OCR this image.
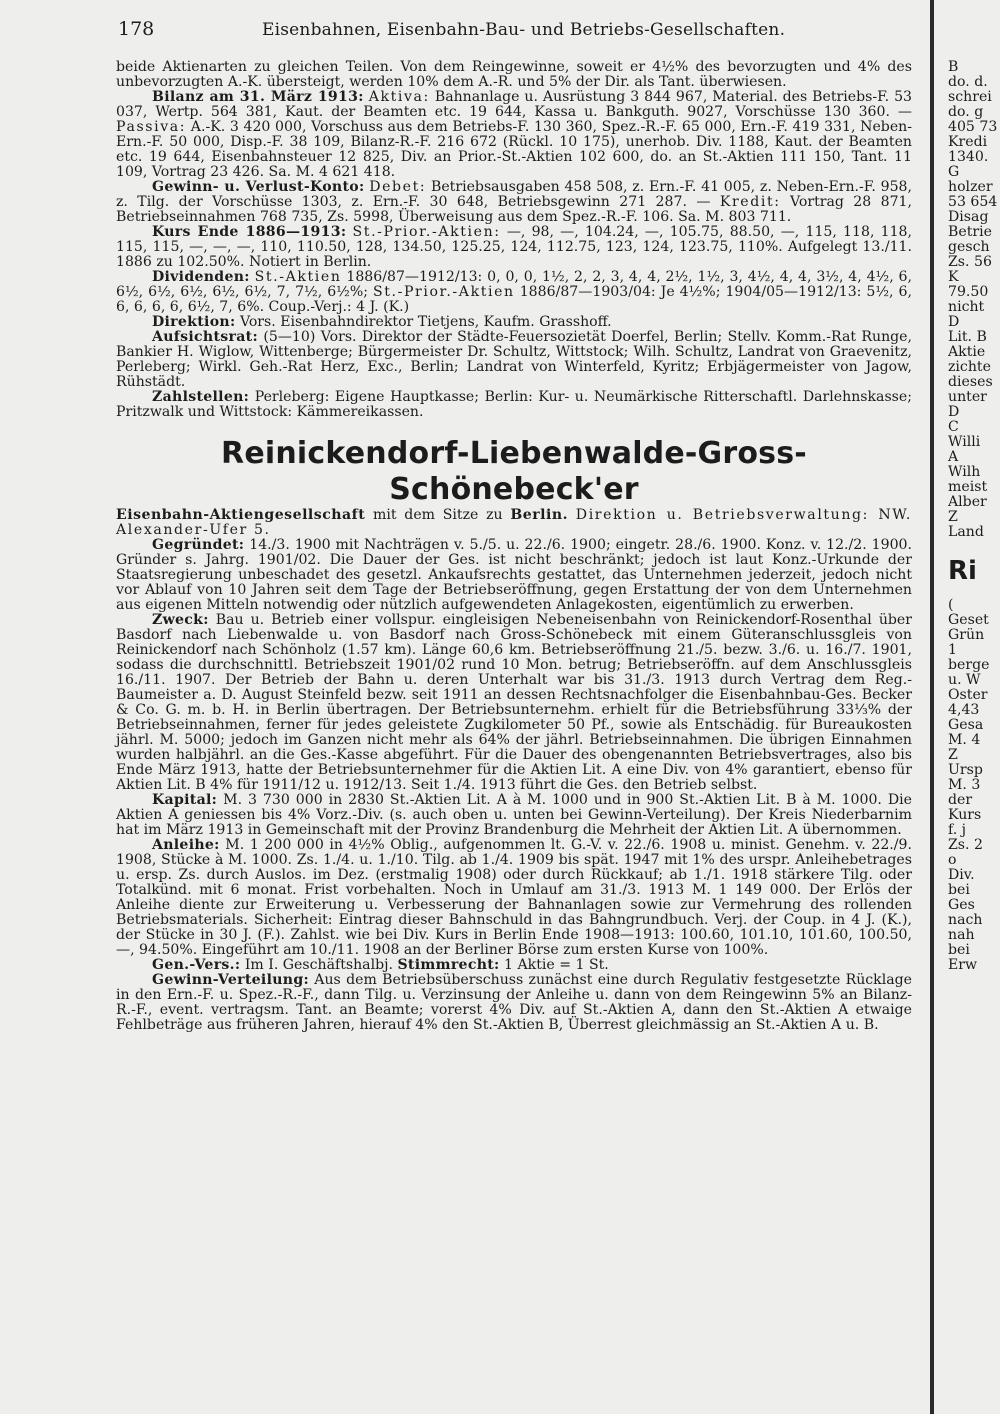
178	Eisenbahnen, Eisenbahn-Bau- und Betriebs-Gesellschaften.

beide Aktienarten zu gleichen Teilen. Von dem Reingewinne, soweit er 4½% des bevorzugten und 4% des unbevorzugten A.-K. übersteigt, werden 10% dem A.-R. und 5% der Dir. als Tant. überwiesen.

Bilanz am 31. März 1913: Aktiva: Bahnanlage u. Ausrüstung 3 844 967, Material. des Betriebs-F. 53 037, Wertp. 564 381, Kaut. der Beamten etc. 19 644, Kassa u. Bankguth. 9027, Vorschüsse 130 360. — Passiva: A.-K. 3 420 000, Vorschuss aus dem Betriebs-F. 130 360, Spez.-R.-F. 65 000, Ern.-F. 419 331, Neben-Ern.-F. 50 000, Disp.-F. 38 109, Bilanz-R.-F. 216 672 (Rückl. 10 175), unerhob. Div. 1188, Kaut. der Beamten etc. 19 644, Eisenbahnsteuer 12 825, Div. an Prior.-St.-Aktien 102 600, do. an St.-Aktien 111 150, Tant. 11 109, Vortrag 23 426. Sa. M. 4 621 418.

Gewinn- u. Verlust-Konto: Debet: Betriebsausgaben 458 508, z. Ern.-F. 41 005, z. Neben-Ern.-F. 958, z. Tilg. der Vorschüsse 1303, z. Ern.-F. 30 648, Betriebsgewinn 271 287. — Kredit: Vortrag 28 871, Betriebseinnahmen 768 735, Zs. 5998, Überweisung aus dem Spez.-R.-F. 106. Sa. M. 803 711.

Kurs Ende 1886—1913: St.-Prior.-Aktien: —, 98, —, 104.24, —, 105.75, 88.50, —, 115, 118, 118, 115, 115, —, —, —, 110, 110.50, 128, 134.50, 125.25, 124, 112.75, 123, 124, 123.75, 110%. Aufgelegt 13./11. 1886 zu 102.50%. Notiert in Berlin.

Dividenden: St.-Aktien 1886/87—1912/13: 0, 0, 0, 1½, 2, 2, 3, 4, 4, 2½, 1½, 3, 4½, 4, 4, 3½, 4, 4½, 6, 6½, 6½, 6½, 6½, 6½, 7, 7½, 6½%; St.-Prior.-Aktien 1886/87—1903/04: Je 4½%; 1904/05—1912/13: 5½, 6, 6, 6, 6, 6, 6½, 7, 6%. Coup.-Verj.: 4 J. (K.)

Direktion: Vors. Eisenbahndirektor Tietjens, Kaufm. Grasshoff.

Aufsichtsrat: (5—10) Vors. Direktor der Städte-Feuersozietät Doerfel, Berlin; Stellv. Komm.-Rat Runge, Bankier H. Wiglow, Wittenberge; Bürgermeister Dr. Schultz, Wittstock; Wilh. Schultz, Landrat von Graevenitz, Perleberg; Wirkl. Geh.-Rat Herz, Exc., Berlin; Landrat von Winterfeld, Kyritz; Erbjägermeister von Jagow, Rühstädt.

Zahlstellen: Perleberg: Eigene Hauptkasse; Berlin: Kur- u. Neumärkische Ritterschaftl. Darlehnskasse; Pritzwalk und Wittstock: Kämmereikassen.

Reinickendorf-Liebenwalde-Gross-Schönebeck'er

Eisenbahn-Aktiengesellschaft mit dem Sitze zu Berlin. Direktion u. Betriebsverwaltung: NW. Alexander-Ufer 5.

Gegründet: 14./3. 1900 mit Nachträgen v. 5./5. u. 22./6. 1900; eingetr. 28./6. 1900. Konz. v. 12./2. 1900. Gründer s. Jahrg. 1901/02. Die Dauer der Ges. ist nicht beschränkt; jedoch ist laut Konz.-Urkunde der Staatsregierung unbeschadet des gesetzl. Ankaufsrechts gestattet, das Unternehmen jederzeit, jedoch nicht vor Ablauf von 10 Jahren seit dem Tage der Betriebseröffnung, gegen Erstattung der von dem Unternehmen aus eigenen Mitteln notwendig oder nützlich aufgewendeten Anlagekosten, eigentümlich zu erwerben.

Zweck: Bau u. Betrieb einer vollspur. eingleisigen Nebeneisenbahn von Reinickendorf-Rosenthal über Basdorf nach Liebenwalde u. von Basdorf nach Gross-Schönebeck mit einem Güteranschlussgleis von Reinickendorf nach Schönholz (1.57 km). Länge 60,6 km. Betriebseröffnung 21./5. bezw. 3./6. u. 16./7. 1901, sodass die durchschnittl. Betriebszeit 1901/02 rund 10 Mon. betrug; Betriebseröffn. auf dem Anschlussgleis 16./11. 1907. Der Betrieb der Bahn u. deren Unterhalt war bis 31./3. 1913 durch Vertrag dem Reg.-Baumeister a. D. August Steinfeld bezw. seit 1911 an dessen Rechtsnachfolger die Eisenbahnbau-Ges. Becker & Co. G. m. b. H. in Berlin übertragen. Der Betriebsunternehm. erhielt für die Betriebsführung 33⅓% der Betriebseinnahmen, ferner für jedes geleistete Zugkilometer 50 Pf., sowie als Entschädig. für Bureaukosten jährl. M. 5000; jedoch im Ganzen nicht mehr als 64% der jährl. Betriebseinnahmen. Die übrigen Einnahmen wurden halbjährl. an die Ges.-Kasse abgeführt. Für die Dauer des obengenannten Betriebsvertrages, also bis Ende März 1913, hatte der Betriebsunternehmer für die Aktien Lit. A eine Div. von 4% garantiert, ebenso für Aktien Lit. B 4% für 1911/12 u. 1912/13. Seit 1./4. 1913 führt die Ges. den Betrieb selbst.

Kapital: M. 3 730 000 in 2830 St.-Aktien Lit. A à M. 1000 und in 900 St.-Aktien Lit. B à M. 1000. Die Aktien A geniessen bis 4% Vorz.-Div. (s. auch oben u. unten bei Gewinn-Verteilung). Der Kreis Niederbarnim hat im März 1913 in Gemeinschaft mit der Provinz Brandenburg die Mehrheit der Aktien Lit. A übernommen.

Anleihe: M. 1 200 000 in 4½% Oblig., aufgenommen lt. G.-V. v. 22./6. 1908 u. minist. Genehm. v. 22./9. 1908, Stücke à M. 1000. Zs. 1./4. u. 1./10. Tilg. ab 1./4. 1909 bis spät. 1947 mit 1% des urspr. Anleihebetrages u. ersp. Zs. durch Auslos. im Dez. (erstmalig 1908) oder durch Rückkauf; ab 1./1. 1918 stärkere Tilg. oder Totalkünd. mit 6 monat. Frist vorbehalten. Noch in Umlauf am 31./3. 1913 M. 1 149 000. Der Erlös der Anleihe diente zur Erweiterung u. Verbesserung der Bahnanlagen sowie zur Vermehrung des rollenden Betriebsmaterials. Sicherheit: Eintrag dieser Bahnschuld in das Bahngrundbuch. Verj. der Coup. in 4 J. (K.), der Stücke in 30 J. (F.). Zahlst. wie bei Div. Kurs in Berlin Ende 1908—1913: 100.60, 101.10, 101.60, 100.50, —, 94.50%. Eingeführt am 10./11. 1908 an der Berliner Börse zum ersten Kurse von 100%.

Gen.-Vers.: Im I. Geschäftshalbj. Stimmrecht: 1 Aktie = 1 St.

Gewinn-Verteilung: Aus dem Betriebsüberschuss zunächst eine durch Regulativ festgesetzte Rücklage in den Ern.-F. u. Spez.-R.-F., dann Tilg. u. Verzinsung der Anleihe u. dann von dem Reingewinn 5% an Bilanz-R.-F., event. vertragsm. Tant. an Beamte; vorerst 4% Div. auf St.-Aktien A, dann den St.-Aktien A etwaige Fehlbeträge aus früheren Jahren, hierauf 4% den St.-Aktien B, Überrest gleichmässig an St.-Aktien A u. B.

B
do. d.
schrei
do. g
405 73
Kredi
1340.
G
holzer
53 654
Disag
Betrie
gesch
Zs. 56
K
79.50
nicht
D
Lit. B
Aktie
zichte
dieses
unter
D
C
Willi
A
Wilh
meist
Alber
Z
Land
Ri
(
Geset
Grün
1
berge
u. W
Oster
4,43
Gesa
M. 4
Z
Ursp
M. 3
der
Kurs
f. j
Zs. 2
o
Div.
bei
Ges
nach
nah
bei
Erw
